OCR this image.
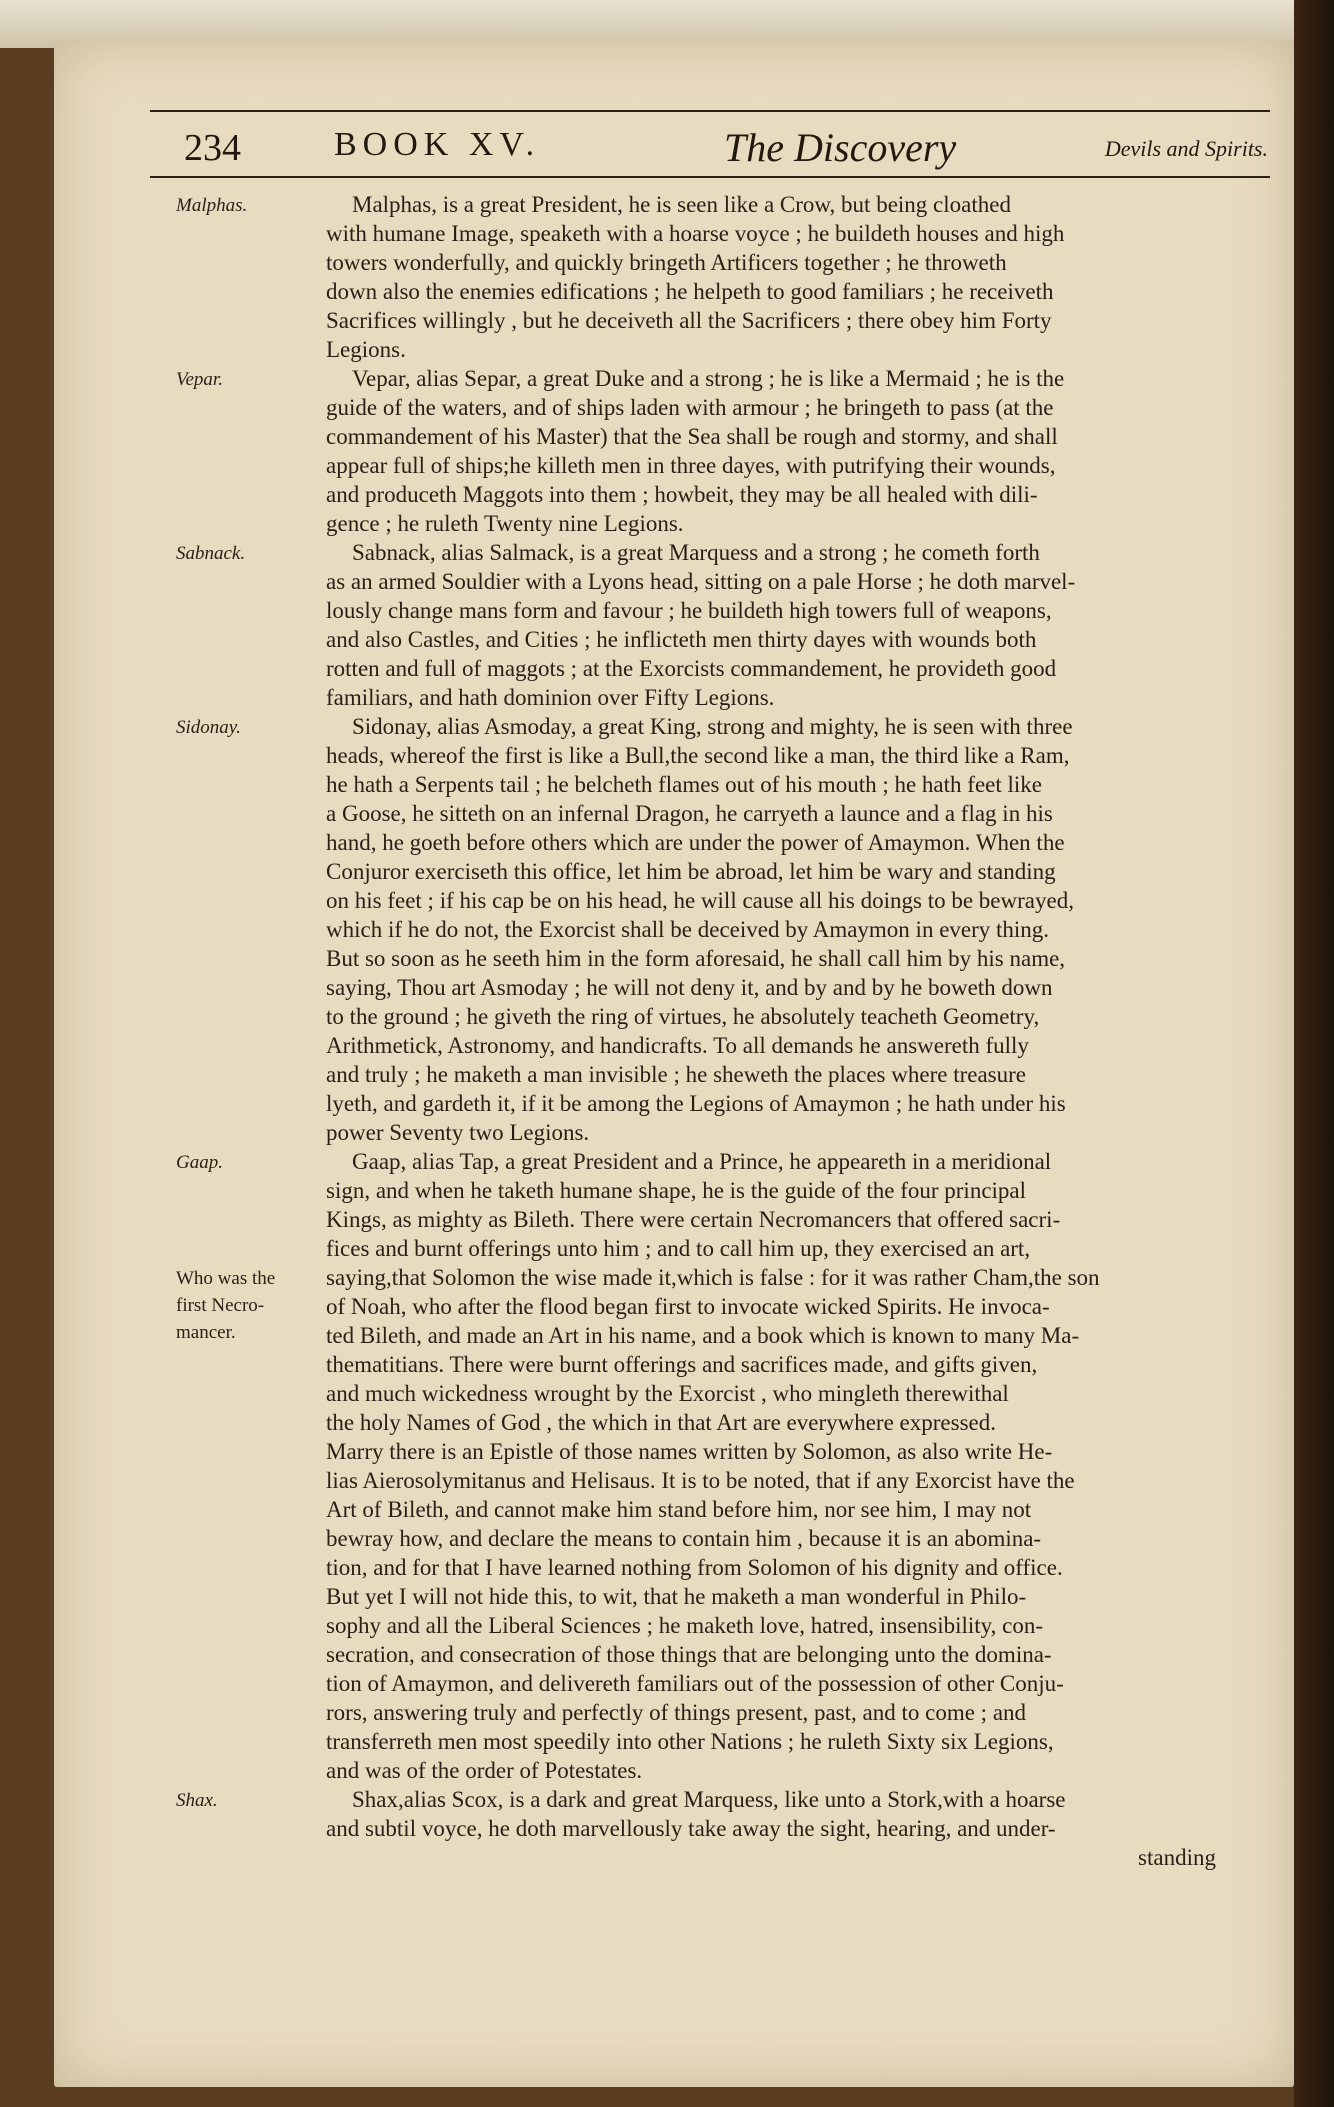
234	BOOK XV.	The Discovery	Devils and Spirits.
Malphas.
Vepar.
Sabnack.
Sidonay.
Gaap.
Who was the
first Necro-
mancer.
Shax.
Malphas, is a great President, he is seen like a Crow, but being cloathed
with humane Image, speaketh with a hoarse voyce ; he buildeth houses and high
towers wonderfully, and quickly bringeth Artificers together ; he throweth
down also the enemies edifications ; he helpeth to good familiars ; he receiveth
Sacrifices willingly , but he deceiveth all the Sacrificers ; there obey him Forty
Legions.
Vepar, alias Separ, a great Duke and a strong ; he is like a Mermaid ; he is the
guide of the waters, and of ships laden with armour ; he bringeth to pass (at the
commandement of his Master) that the Sea shall be rough and stormy, and shall
appear full of ships;he killeth men in three dayes, with putrifying their wounds,
and produceth Maggots into them ; howbeit, they may be all healed with dili-
gence ; he ruleth Twenty nine Legions.
Sabnack, alias Salmack, is a great Marquess and a strong ; he cometh forth
as an armed Souldier with a Lyons head, sitting on a pale Horse ; he doth marvel-
lously change mans form and favour ; he buildeth high towers full of weapons,
and also Castles, and Cities ; he inflicteth men thirty dayes with wounds both
rotten and full of maggots ; at the Exorcists commandement, he provideth good
familiars, and hath dominion over Fifty Legions.
Sidonay, alias Asmoday, a great King, strong and mighty, he is seen with three
heads, whereof the first is like a Bull,the second like a man, the third like a Ram,
he hath a Serpents tail ; he belcheth flames out of his mouth ; he hath feet like
a Goose, he sitteth on an infernal Dragon, he carryeth a launce and a flag in his
hand, he goeth before others which are under the power of Amaymon. When the
Conjuror exerciseth this office, let him be abroad, let him be wary and standing
on his feet ; if his cap be on his head, he will cause all his doings to be bewrayed,
which if he do not, the Exorcist shall be deceived by Amaymon in every thing.
But so soon as he seeth him in the form aforesaid, he shall call him by his name,
saying, Thou art Asmoday ; he will not deny it, and by and by he boweth down
to the ground ; he giveth the ring of virtues, he absolutely teacheth Geometry,
Arithmetick, Astronomy, and handicrafts. To all demands he answereth fully
and truly ; he maketh a man invisible ; he sheweth the places where treasure
lyeth, and gardeth it, if it be among the Legions of Amaymon ; he hath under his
power Seventy two Legions.
Gaap, alias Tap, a great President and a Prince, he appeareth in a meridional
sign, and when he taketh humane shape, he is the guide of the four principal
Kings, as mighty as Bileth. There were certain Necromancers that offered sacri-
fices and burnt offerings unto him ; and to call him up, they exercised an art,
saying,that Solomon the wise made it,which is false : for it was rather Cham,the son
of Noah, who after the flood began first to invocate wicked Spirits. He invoca-
ted Bileth, and made an Art in his name, and a book which is known to many Ma-
thematitians. There were burnt offerings and sacrifices made, and gifts given,
and much wickedness wrought by the Exorcist , who mingleth therewithal
the holy Names of God , the which in that Art are everywhere expressed.
Marry there is an Epistle of those names written by Solomon, as also write He-
lias Aierosolymitanus and Helisaus. It is to be noted, that if any Exorcist have the
Art of Bileth, and cannot make him stand before him, nor see him, I may not
bewray how, and declare the means to contain him , because it is an abomina-
tion, and for that I have learned nothing from Solomon of his dignity and office.
But yet I will not hide this, to wit, that he maketh a man wonderful in Philo-
sophy and all the Liberal Sciences ; he maketh love, hatred, insensibility, con-
secration, and consecration of those things that are belonging unto the domina-
tion of Amaymon, and delivereth familiars out of the possession of other Conju-
rors, answering truly and perfectly of things present, past, and to come ; and
transferreth men most speedily into other Nations ; he ruleth Sixty six Legions,
and was of the order of Potestates.
Shax,alias Scox, is a dark and great Marquess, like unto a Stork,with a hoarse
and subtil voyce, he doth marvellously take away the sight, hearing, and under-
standing
